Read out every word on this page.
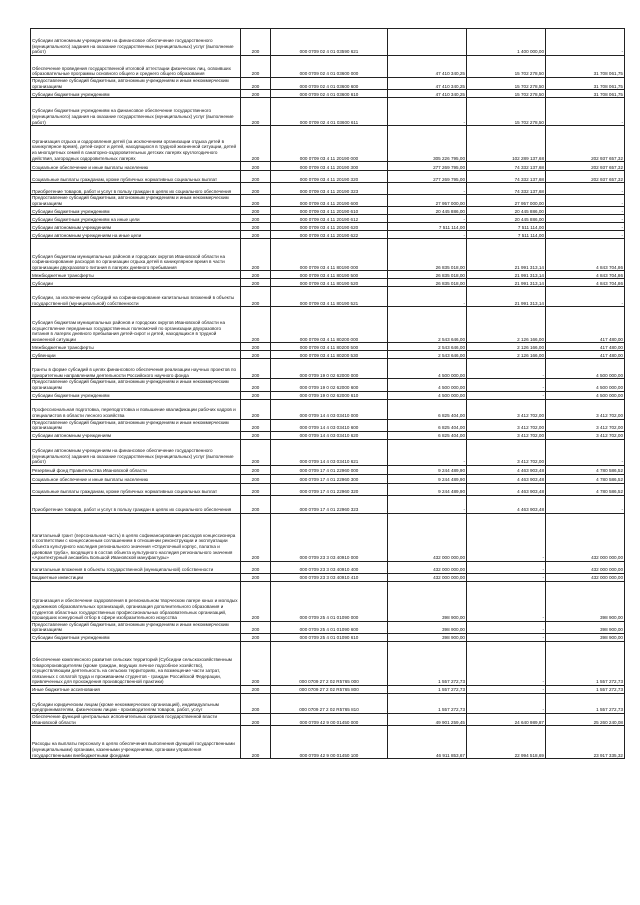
Субсидии автономным учреждениям на финансовое обеспечение государственного (муниципального) задания на оказание государственных (муниципальных) услуг (выполнение работ)	200	000 0709 02 4 01 03590 621		1 400 000,00	-
Обеспечение проведения государственной итоговой аттестации физических лиц, освоивших образовательные программы основного общего и среднего общего образования	200	000 0709 02 4 01 03600 000	47 410 340,25	15 702 278,50	31 708 061,75
Предоставление субсидий бюджетным, автономным учреждениям и иным некоммерческим организациям	200	000 0709 02 4 01 03600 600	47 410 340,25	15 702 278,50	31 708 061,75
Субсидии бюджетным учреждениям	200	000 0709 02 4 01 03600 610	47 410 340,25	15 702 278,50	31 708 061,75
Субсидии бюджетным учреждениям на финансовое обеспечение государственного (муниципального) задания на оказание государственных (муниципальных) услуг (выполнение работ)	200	000 0709 02 4 01 03600 611	-	15 702 278,50	-
Организация отдыха и оздоровления детей (за исключением организации отдыха детей в каникулярное время), детей-сирот и детей, находящихся в трудной жизненной ситуации, детей из многодетных семей в санаторно-оздоровительных детских лагерях круглогодичного действия, загородных оздоровительных лагерях	200	000 0709 03 4 11 20190 000	305 226 795,00	102 289 137,68	202 937 657,32
Социальное обеспечение и иные выплаты населению	200	000 0709 03 4 11 20190 300	277 269 795,00	74 332 137,68	202 937 657,32
Социальные выплаты гражданам, кроме публичных нормативных социальных выплат	200	000 0709 03 4 11 20190 320	277 269 795,00	74 332 137,68	202 937 657,32
Приобретение товаров, работ и услуг в пользу граждан в целях их социального обеспечения	200	000 0709 03 4 11 20190 323	-	74 332 137,68	-
Предоставление субсидий бюджетным, автономным учреждениям и иным некоммерческим организациям	200	000 0709 03 4 11 20190 600	27 957 000,00	27 957 000,00	-
Субсидии бюджетным учреждениям	200	000 0709 03 4 11 20190 610	20 445 886,00	20 445 886,00	-
Субсидии бюджетным учреждениям на иные цели	200	000 0709 03 4 11 20190 612	-	20 445 886,00	-
Субсидии автономным учреждениям	200	000 0709 03 4 11 20190 620	7 511 114,00	7 511 114,00	-
Субсидии автономным учреждениям на иные цели	200	000 0709 03 4 11 20190 622	-	7 511 114,00	-
Субсидия бюджетам муниципальных районов и городских округов Ивановской области на софинансирование расходов по организации отдыха детей в каникулярное время в части организации двухразового питания в лагерях дневного пребывания	200	000 0709 03 4 11 80190 000	26 835 018,00	21 991 313,14	4 843 704,86
Межбюджетные трансферты	200	000 0709 03 4 11 80190 500	26 835 018,00	21 991 313,14	4 843 704,86
Субсидии	200	000 0709 03 4 11 80190 520	26 835 018,00	21 991 313,14	4 843 704,86
Субсидии, за исключением субсидий на софинансирование капитальных вложений в объекты государственной (муниципальной) собственности	200	000 0709 03 4 11 80190 521	-	21 991 313,14	-
Субсидия бюджетам муниципальных районов и городских округов Ивановской области на осуществление переданных государственных полномочий по организации двухразового питания в лагерях дневного пребывания детей-сирот и детей, находящихся в трудной жизненной ситуации	200	000 0709 03 4 11 80200 000	2 543 646,00	2 126 166,00	417 480,00
Межбюджетные трансферты	200	000 0709 03 4 11 80200 500	2 543 646,00	2 126 166,00	417 480,00
Субвенции	200	000 0709 03 4 11 80200 530	2 543 646,00	2 126 166,00	417 480,00
Гранты в форме субсидий в целях финансового обеспечения реализации научных проектов по приоритетным направлениям деятельности Российского научного фонда	200	000 0709 19 0 02 62000 000	4 500 000,00	-	4 500 000,00
Предоставление субсидий бюджетным, автономным учреждениям и иным некоммерческим организациям	200	000 0709 19 0 02 62000 600	4 500 000,00	-	4 500 000,00
Субсидии бюджетным учреждениям	200	000 0709 19 0 02 62000 610	4 500 000,00	-	4 500 000,00
Профессиональная подготовка, переподготовка и повышение квалификации рабочих кадров и специалистов в области лесного хозяйства	200	000 0709 14 4 03 03410 000	6 825 404,00	3 412 702,00	3 412 702,00
Предоставление субсидий бюджетным, автономным учреждениям и иным некоммерческим организациям	200	000 0709 14 4 03 03410 600	6 825 404,00	3 412 702,00	3 412 702,00
Субсидии автономным учреждениям	200	000 0709 14 4 03 03410 620	6 825 404,00	3 412 702,00	3 412 702,00
Субсидии автономным учреждениям на финансовое обеспечение государственного (муниципального) задания на оказание государственных (муниципальных) услуг (выполнение работ)	200	000 0709 14 4 03 03410 621	-	3 412 702,00	-
Резервный фонд Правительства Ивановской области	200	000 0709 17 4 01 22960 000	9 244 489,90	4 463 903,48	4 780 586,52
Социальное обеспечение и иные выплаты населению	200	000 0709 17 4 01 22960 300	9 244 489,90	4 463 903,48	4 780 586,52
Социальные выплаты гражданам, кроме публичных нормативных социальных выплат	200	000 0709 17 4 01 22960 320	9 244 489,90	4 463 903,48	4 780 586,52
Приобретение товаров, работ и услуг в пользу граждан в целях их социального обеспечения	200	000 0709 17 4 01 22960 323	-	4 463 903,48	-
Капитальный грант (персональная часть) в целях софинансирования расходов концессионера в соответствии с концессионным соглашением в отношении реконструкции и эксплуатации объекта культурного наследия регионального значения «Отделочный корпус, палатка и древовая труба», входящего в состав объекта культурного наследия регионального значения «Архитектурный ансамбль Большой Ивановской мануфактуры»	200	000 0709 23 3 03 40910 000	432 000 000,00	-	432 000 000,00
Капитальные вложения в объекты государственной (муниципальной) собственности	200	000 0709 23 3 03 40910 400	432 000 000,00	-	432 000 000,00
Бюджетные инвестиции	200	000 0709 23 3 03 40910 410	432 000 000,00	-	432 000 000,00
Организация и обеспечение оздоровления в региональном творческом лагере юных и молодых художников образовательных организаций, организация дополнительного образования и студентов областных государственных профессиональных образовательных организаций, прошедших конкурсный отбор в сфере изобразительного искусства	200	000 0709 25 4 01 01090 000	398 900,00	-	398 900,00
Предоставление субсидий бюджетным, автономным учреждениям и иным некоммерческим организациям	200	000 0709 25 4 01 01090 600	398 900,00	-	398 900,00
Субсидии бюджетным учреждениям	200	000 0709 25 4 01 01090 610	398 900,00	-	398 900,00
Обеспечение комплексного развития сельских территорий (Субсидии сельскохозяйственным товаропроизводителям (кроме граждан, ведущих личное подсобное хозяйство), осуществляющим деятельность на сельских территориях, на возмещение части затрат, связанных с оплатой труда и проживанием студентов - граждан Российской Федерации, привлеченных для прохождения производственной практики)	200	000 0709 27 2 02 R5765 000	1 557 272,73	-	1 557 272,73
Иные бюджетные ассигнования	200	000 0709 27 2 02 R5765 800	1 557 272,73	-	1 557 272,73
Субсидии юридическим лицам (кроме некоммерческих организаций), индивидуальным предпринимателям, физическим лицам - производителям товаров, работ, услуг	200	000 0709 27 2 02 R5765 810	1 557 272,73	-	1 557 272,73
Обеспечение функций центральных исполнительных органов государственной власти Ивановской области	200	000 0709 42 9 00 01450 000	49 901 259,45	24 640 989,87	25 260 240,08
Расходы на выплаты персоналу в целях обеспечения выполнения функций государственными (муниципальными) органами, казенными учреждениями, органами управления государственными внебюджетными фондами	200	000 0709 42 9 00 01450 100	46 911 853,67	22 994 518,69	23 917 335,32
